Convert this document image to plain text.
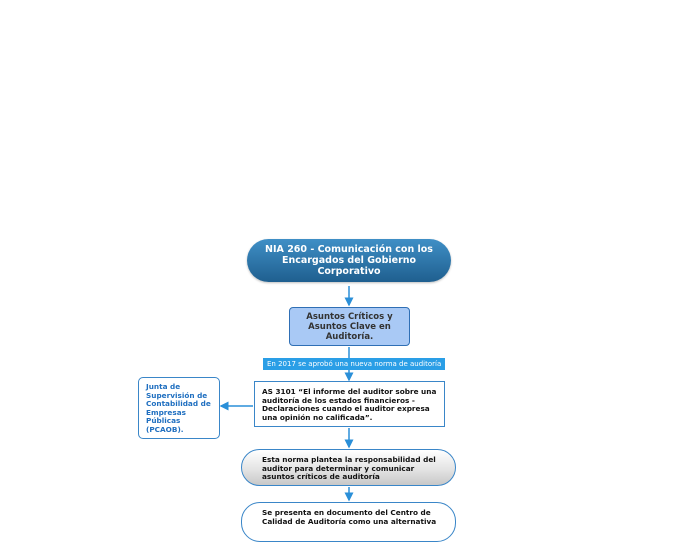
NIA 260 - Comunicación con los Encargados del Gobierno Corporativo
Asuntos Críticos y Asuntos Clave en Auditoría.
En 2017 se aprobó una nueva norma de auditoría
AS 3101 “El informe del auditor sobre una auditoría de los estados financieros - Declaraciones cuando el auditor expresa una opinión no calificada”.
Junta de Supervisión de Contabilidad de Empresas Públicas (PCAOB).
Esta norma plantea la responsabilidad del auditor para determinar y comunicar asuntos críticos de auditoría
Se presenta en documento del Centro de Calidad de Auditoría como una alternativa
